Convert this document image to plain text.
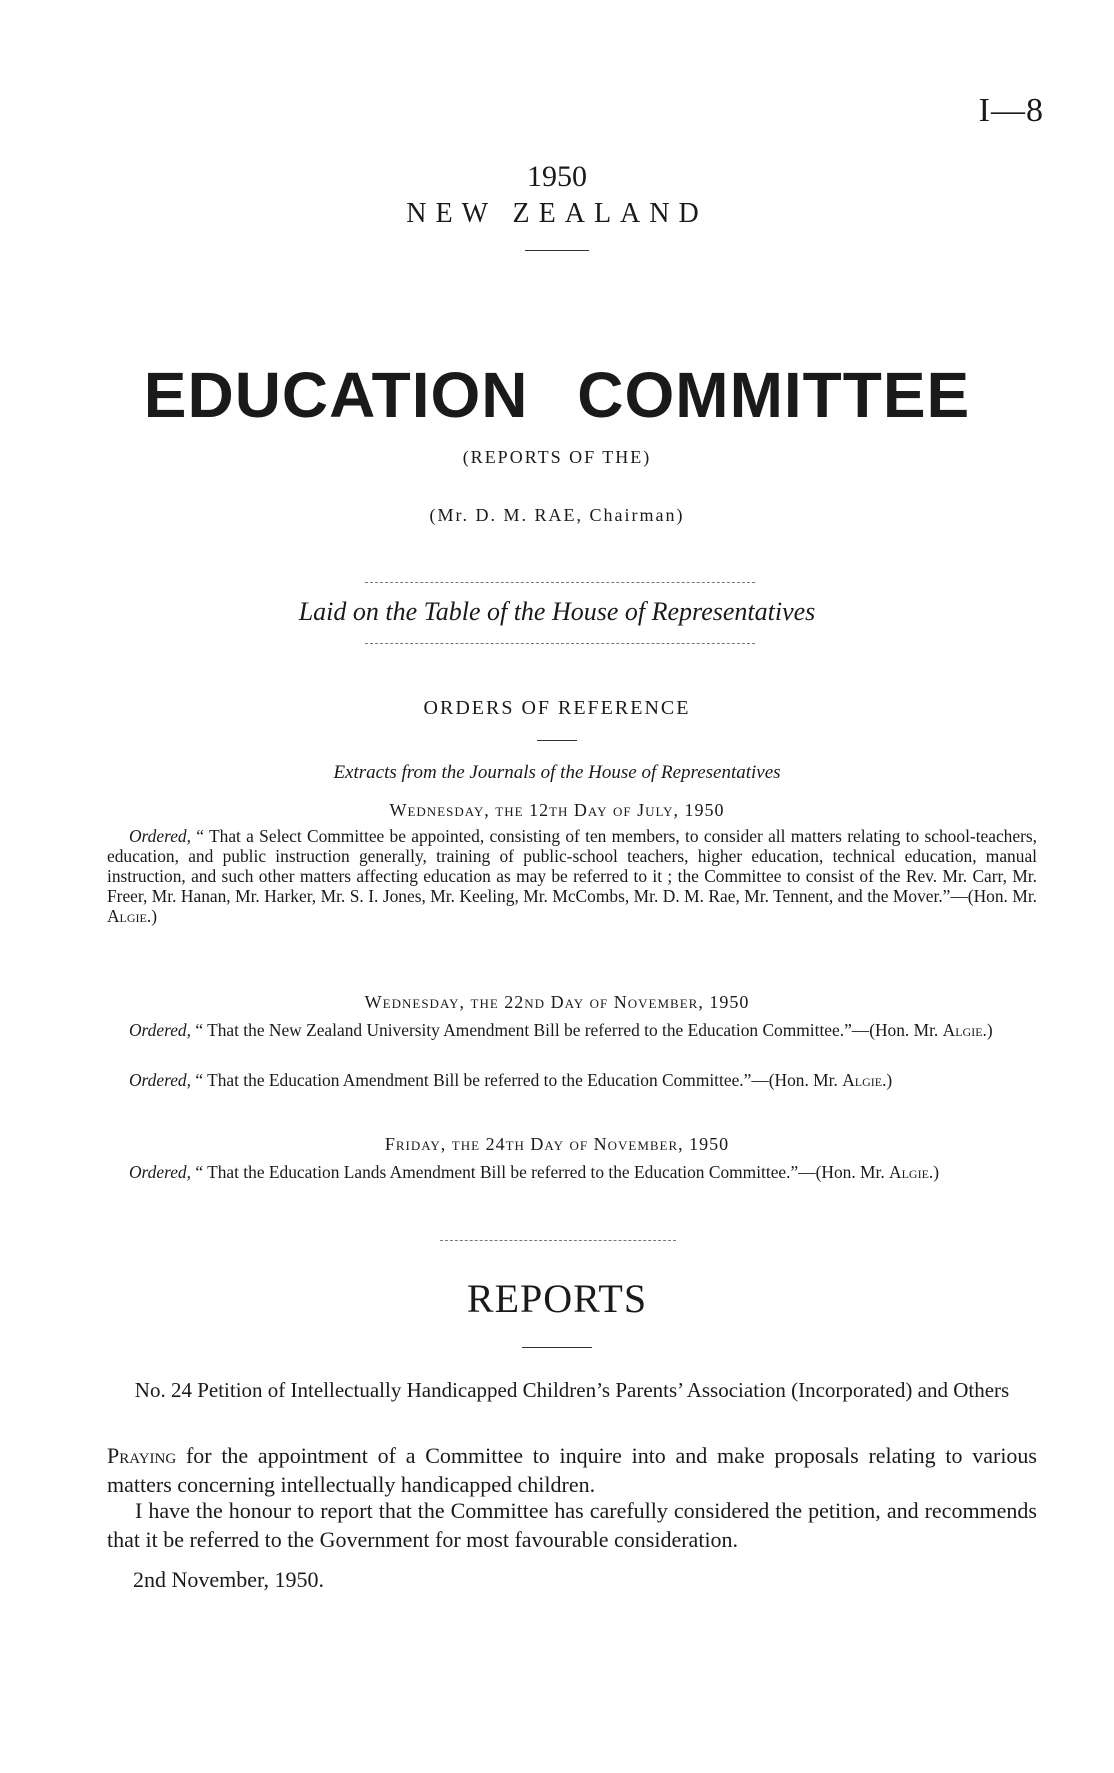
I—8
1950
NEW ZEALAND
EDUCATION COMMITTEE
(REPORTS OF THE)
(Mr. D. M. RAE, Chairman)
Laid on the Table of the House of Representatives
ORDERS OF REFERENCE
Extracts from the Journals of the House of Representatives
Wednesday, the 12th Day of July, 1950

Ordered, “ That a Select Committee be appointed, consisting of ten members, to consider all matters relating to school-teachers, education, and public instruction generally, training of public-school teachers, higher education, technical education, manual instruction, and such other matters affecting education as may be referred to it ; the Committee to consist of the Rev. Mr. Carr, Mr. Freer, Mr. Hanan, Mr. Harker, Mr. S. I. Jones, Mr. Keeling, Mr. McCombs, Mr. D. M. Rae, Mr. Tennent, and the Mover.”—(Hon. Mr. Algie.)

Wednesday, the 22nd Day of November, 1950

Ordered, “ That the New Zealand University Amendment Bill be referred to the Education Committee.”—(Hon. Mr. Algie.)

Ordered, “ That the Education Amendment Bill be referred to the Education Committee.”—(Hon. Mr. Algie.)

Friday, the 24th Day of November, 1950

Ordered, “ That the Education Lands Amendment Bill be referred to the Education Committee.”—(Hon. Mr. Algie.)

REPORTS
No. 24 Petition of Intellectually Handicapped Children’s Parents’ Association (Incorporated) and Others

Praying for the appointment of a Committee to inquire into and make proposals relating to various matters concerning intellectually handicapped children.

I have the honour to report that the Committee has carefully considered the petition, and recommends that it be referred to the Government for most favourable consideration.

2nd November, 1950.
